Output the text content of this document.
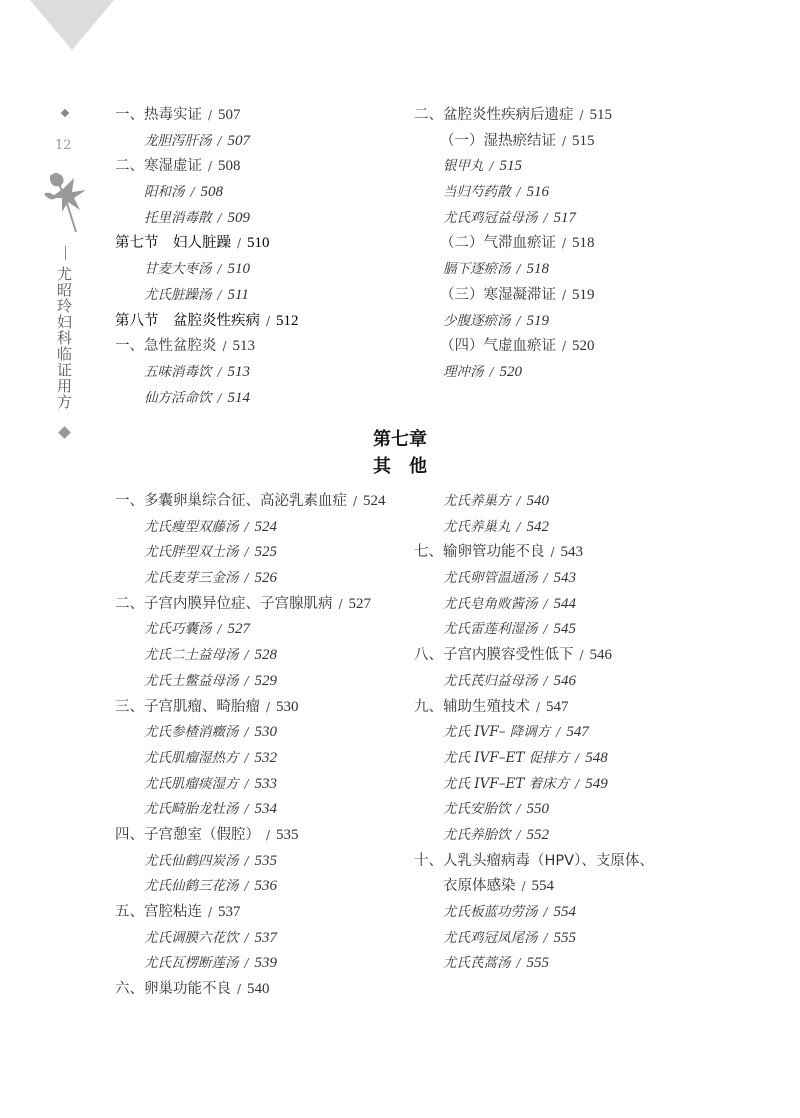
12
尤昭玲妇科临证用方
一、热毒实证 / 507
龙胆泻肝汤 / 507
二、寒湿虚证 / 508
阳和汤 / 508
托里消毒散 / 509
第七节　妇人脏躁 / 510
甘麦大枣汤 / 510
尤氏脏躁汤 / 511
第八节　盆腔炎性疾病 / 512
一、急性盆腔炎 / 513
五味消毒饮 / 513
仙方活命饮 / 514
二、盆腔炎性疾病后遗症 / 515
（一）湿热瘀结证 / 515
银甲丸 / 515
当归芍药散 / 516
尤氏鸡冠益母汤 / 517
（二）气滞血瘀证 / 518
膈下逐瘀汤 / 518
（三）寒湿凝滞证 / 519
少腹逐瘀汤 / 519
（四）气虚血瘀证 / 520
理冲汤 / 520
第七章
其　他
一、多囊卵巢综合征、高泌乳素血症 / 524
尤氏瘦型双藤汤 / 524
尤氏胖型双土汤 / 525
尤氏麦芽三金汤 / 526
二、子宫内膜异位症、子宫腺肌病 / 527
尤氏巧囊汤 / 527
尤氏二土益母汤 / 528
尤氏土鳖益母汤 / 529
三、子宫肌瘤、畸胎瘤 / 530
尤氏参楂消癥汤 / 530
尤氏肌瘤湿热方 / 532
尤氏肌瘤痰湿方 / 533
尤氏畸胎龙牡汤 / 534
四、子宫憩室（假腔） / 535
尤氏仙鹤四炭汤 / 535
尤氏仙鹤三花汤 / 536
五、宫腔粘连 / 537
尤氏调膜六花饮 / 537
尤氏瓦楞断莲汤 / 539
六、卵巢功能不良 / 540
尤氏养巢方 / 540
尤氏养巢丸 / 542
七、输卵管功能不良 / 543
尤氏卵管温通汤 / 543
尤氏皂角败酱汤 / 544
尤氏雷莲利湿汤 / 545
八、子宫内膜容受性低下 / 546
尤氏芪归益母汤 / 546
九、辅助生殖技术 / 547
尤氏 IVF– 降调方 / 547
尤氏 IVF–ET 促排方 / 548
尤氏 IVF–ET 着床方 / 549
尤氏安胎饮 / 550
尤氏养胎饮 / 552
十、人乳头瘤病毒（HPV）、支原体、
衣原体感染 / 554
尤氏板蓝功劳汤 / 554
尤氏鸡冠凤尾汤 / 555
尤氏芪蒿汤 / 555
